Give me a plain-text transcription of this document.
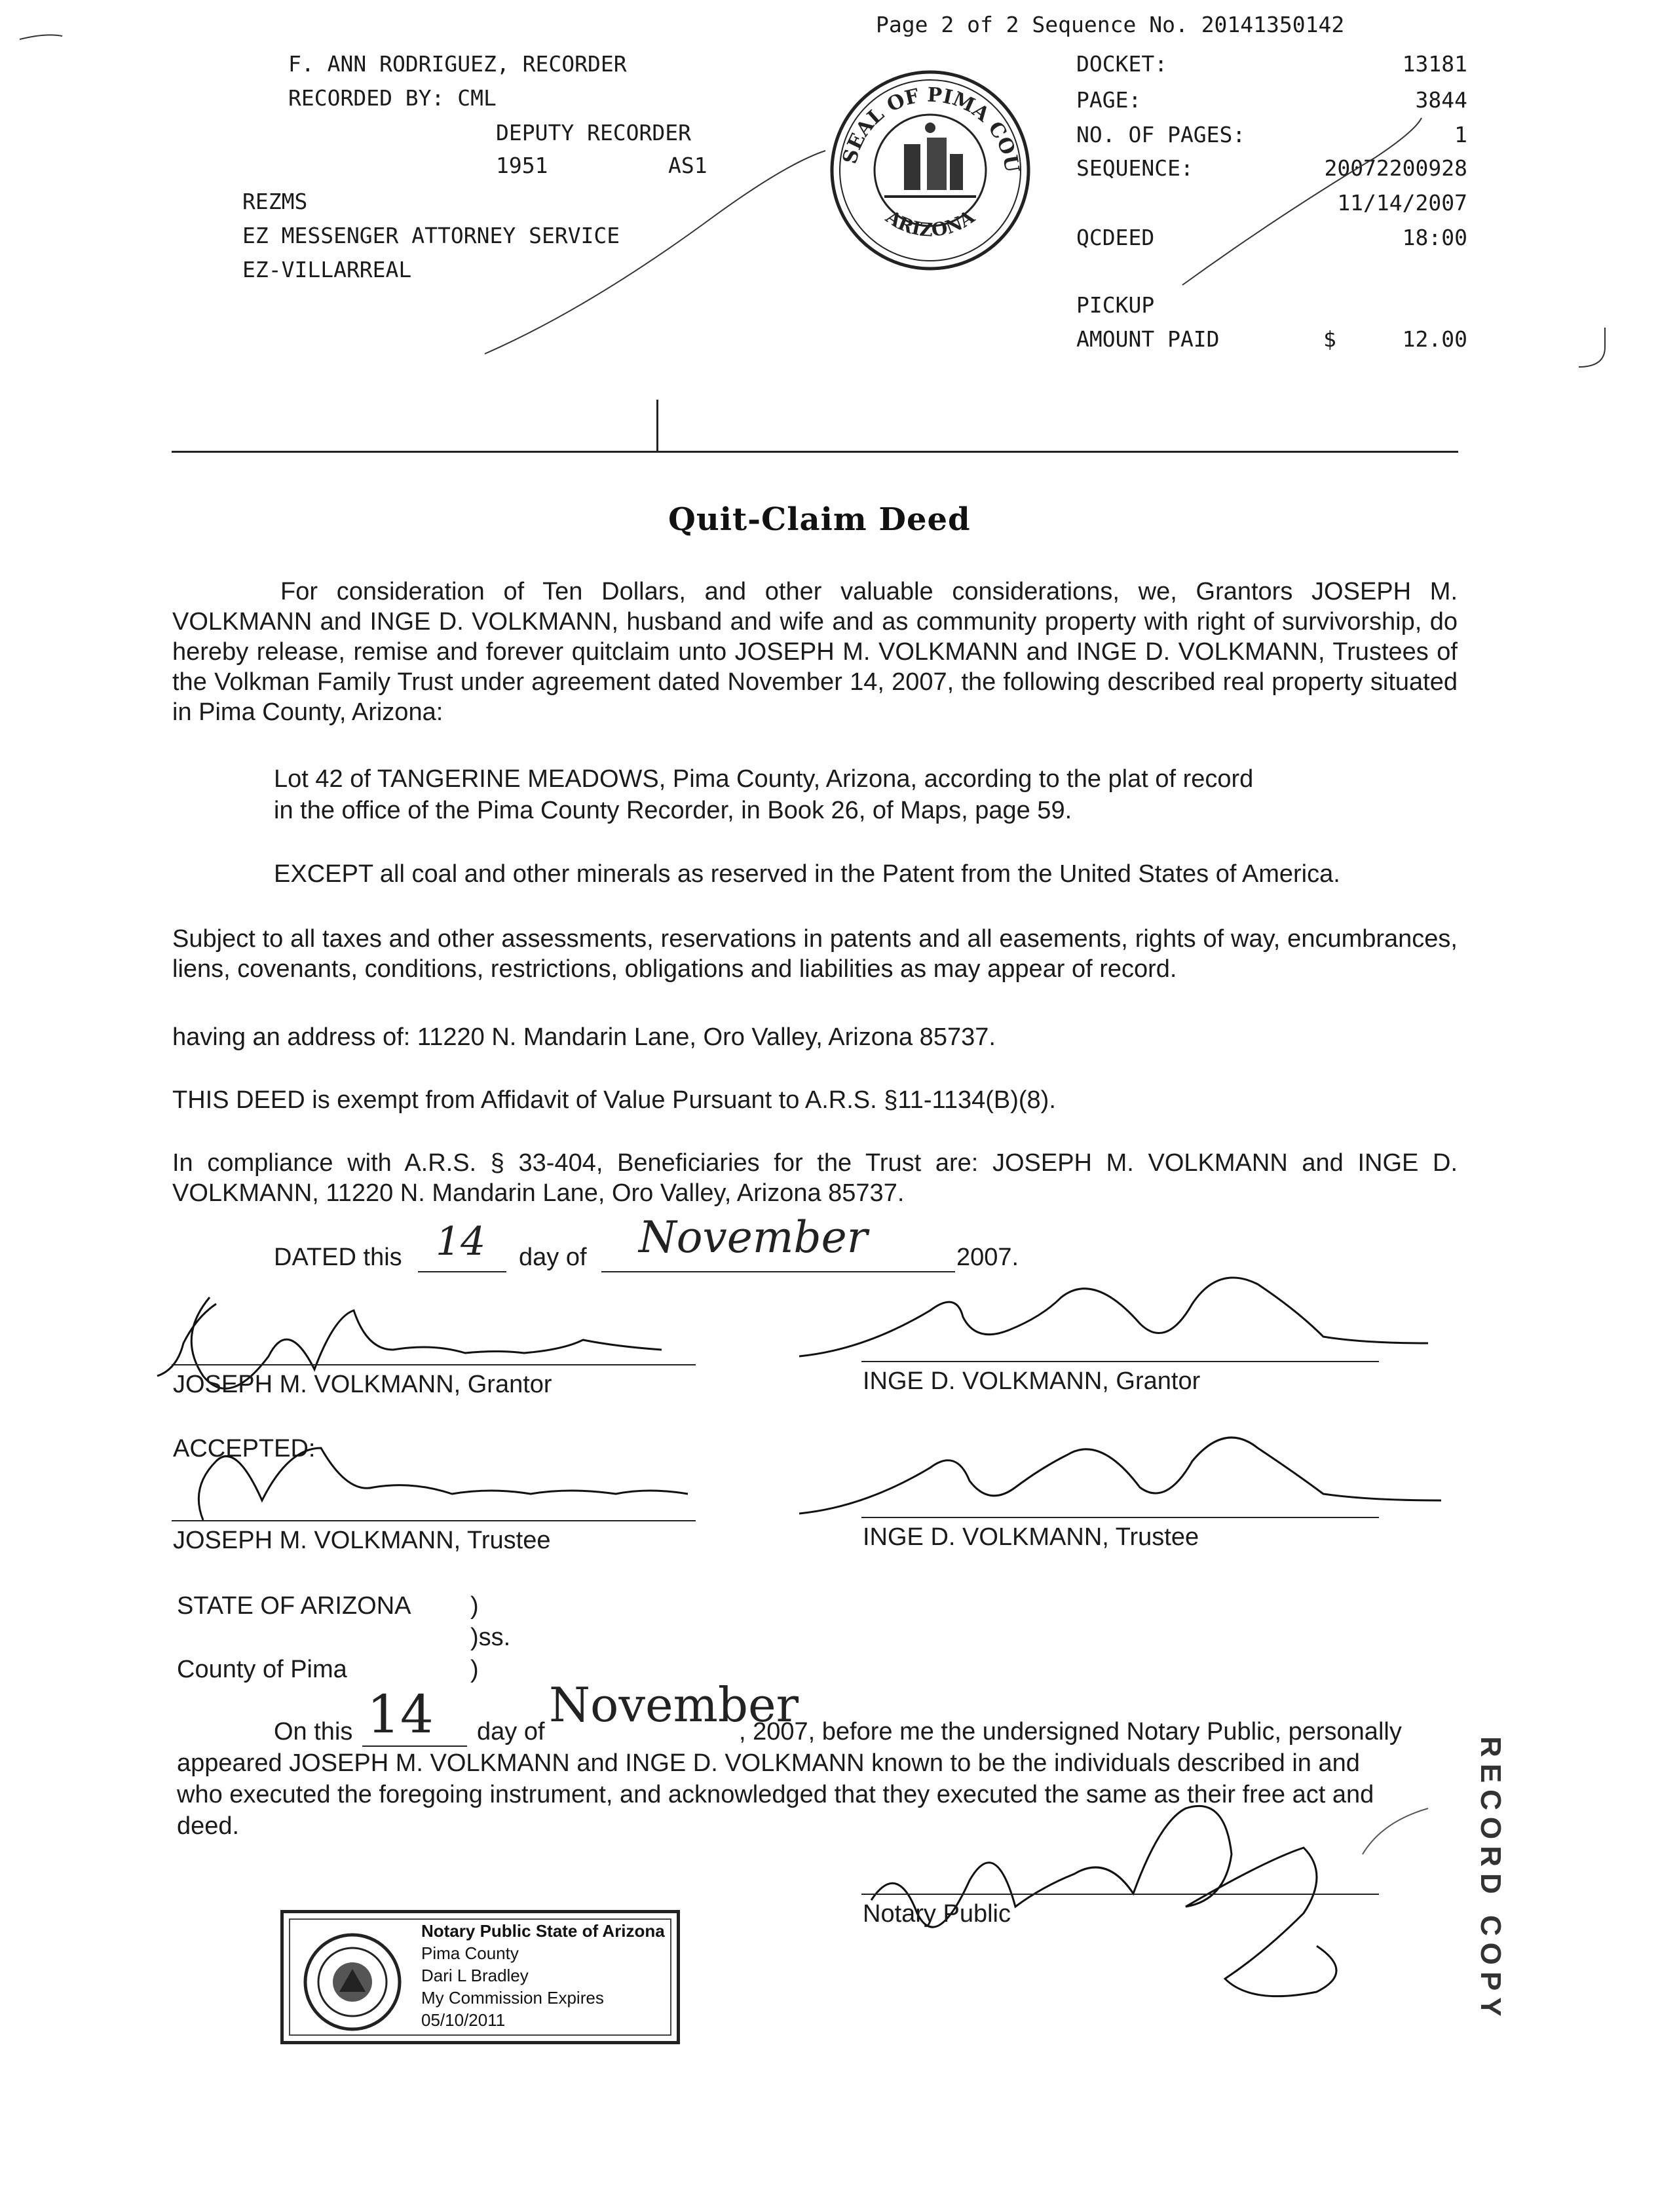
Page 2 of 2 Sequence No. 20141350142
F. ANN RODRIGUEZ, RECORDER
RECORDED BY: CML
DEPUTY RECORDER
1951	AS1
REZMS
EZ MESSENGER ATTORNEY SERVICE
EZ-VILLARREAL
DOCKET:	13181
PAGE:	3844
NO. OF PAGES:	1
SEQUENCE:	20072200928
11/14/2007
QCDEED	18:00
PICKUP
AMOUNT PAID	$	12.00
THE SEAL OF PIMA COUNTY
ARIZONA
Quit-Claim Deed
For consideration of Ten Dollars, and other valuable considerations, we, Grantors JOSEPH M. VOLKMANN and INGE D. VOLKMANN, husband and wife and as community property with right of survivorship, do hereby release, remise and forever quitclaim unto JOSEPH M. VOLKMANN and INGE D. VOLKMANN, Trustees of the Volkman Family Trust under agreement dated November 14, 2007, the following described real property situated in Pima County, Arizona:
Lot 42 of TANGERINE MEADOWS, Pima County, Arizona, according to the plat of record
in the office of the Pima County Recorder, in Book 26, of Maps, page 59.
EXCEPT all coal and other minerals as reserved in the Patent from the United States of America.
Subject to all taxes and other assessments, reservations in patents and all easements, rights of way, encumbrances, liens, covenants, conditions, restrictions, obligations and liabilities as may appear of record.
having an address of: 11220 N. Mandarin Lane, Oro Valley, Arizona 85737.
THIS DEED is exempt from Affidavit of Value Pursuant to A.R.S. §11-1134(B)(8).
In compliance with A.R.S. § 33-404, Beneficiaries for the Trust are: JOSEPH M. VOLKMANN and INGE D. VOLKMANN, 11220 N. Mandarin Lane, Oro Valley, Arizona 85737.
DATED this 14 day of November	2007.
JOSEPH M. VOLKMANN, Grantor	INGE D. VOLKMANN, Grantor
ACCEPTED:
JOSEPH M. VOLKMANN, Trustee	INGE D. VOLKMANN, Trustee
STATE OF ARIZONA )
)ss.
County of Pima	)
On this 14 day of November
, 2007, before me the undersigned Notary Public, personally
appeared JOSEPH M. VOLKMANN and INGE D. VOLKMANN known to be the individuals described in and
who executed the foregoing instrument, and acknowledged that they executed the same as their free act and
deed.
Notary Public
Notary Public State of Arizona
Pima County
Dari L Bradley
My Commission Expires
05/10/2011	RECORD COPY
